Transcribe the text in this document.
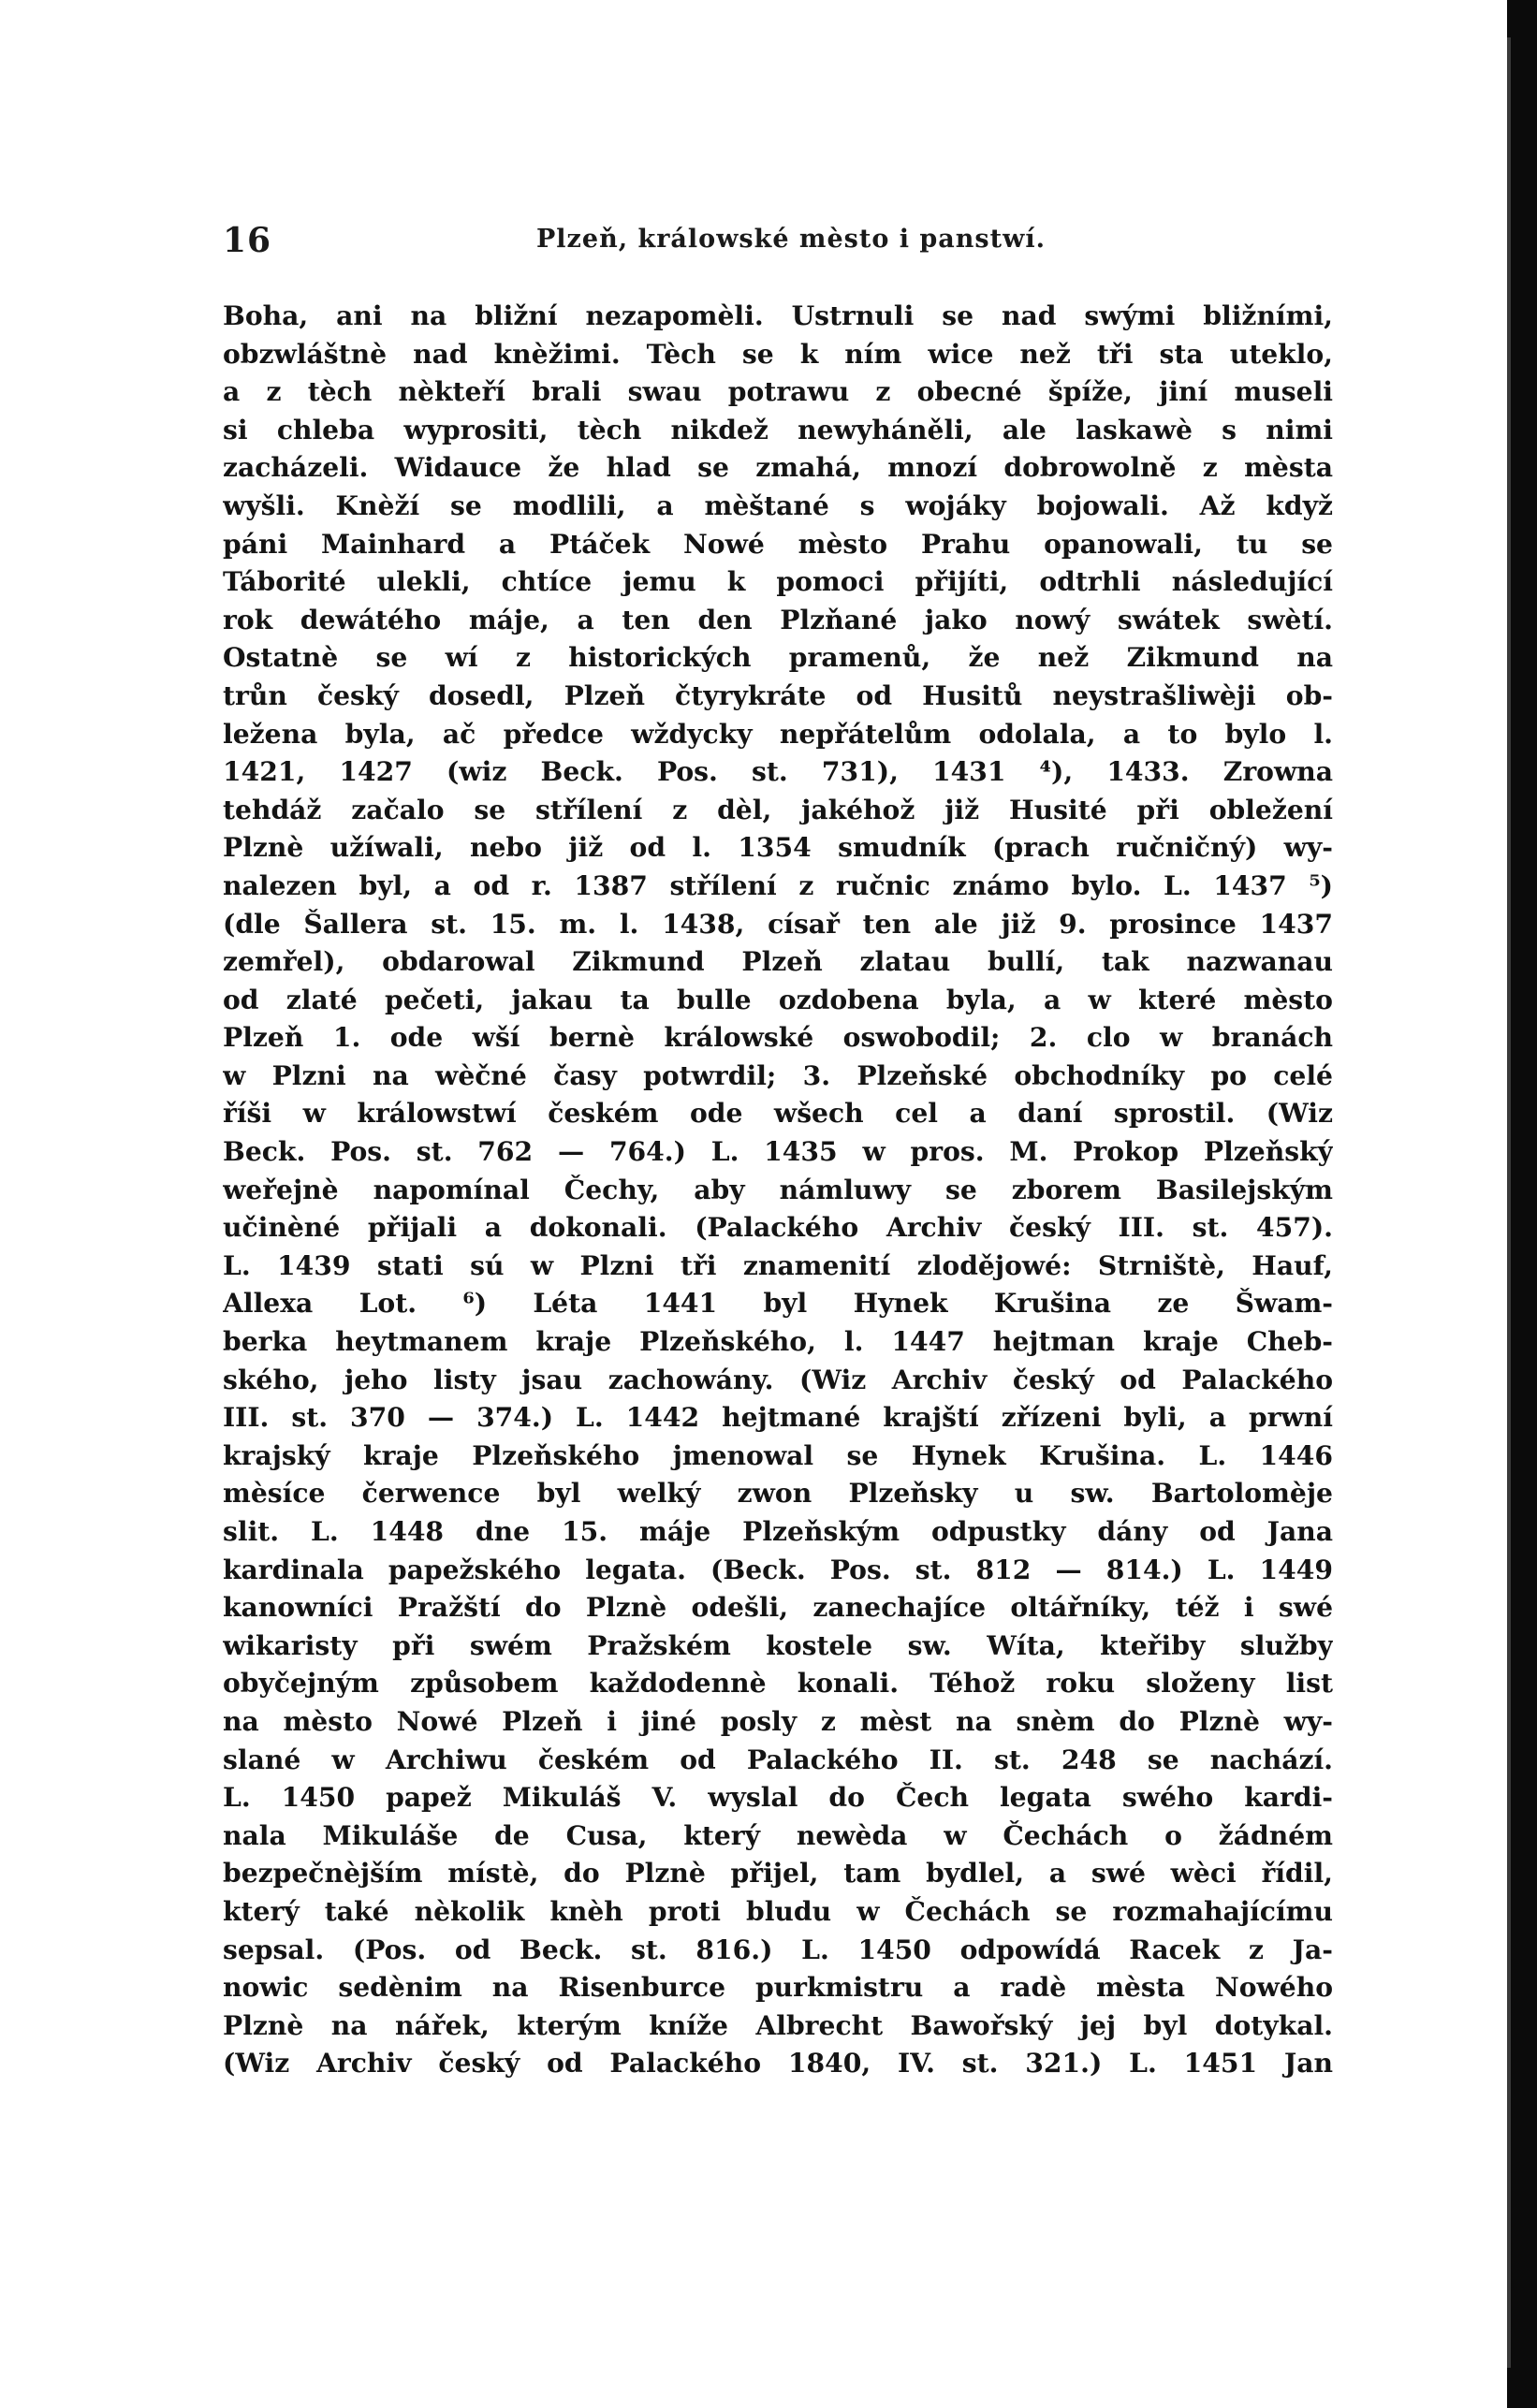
16	Plzeň, králowské mèsto i panstwí.
Boha, ani na bližní nezapomèli. Ustrnuli se nad swými bližními,
obzwláštnè nad knèžimi. Tèch se k ním wice než tři sta uteklo,
a z tèch nèkteří brali swau potrawu z obecné špíže, jiní museli
si chleba wyprositi, tèch nikdež newyháněli, ale laskawè s nimi
zacházeli. Widauce že hlad se zmahá, mnozí dobrowolně z mèsta
wyšli. Knèží se modlili, a mèštané s wojáky bojowali. Až když
páni Mainhard a Ptáček Nowé mèsto Prahu opanowali, tu se
Táborité ulekli, chtíce jemu k pomoci přijíti, odtrhli následující
rok dewátého máje, a ten den Plzňané jako nowý swátek swètí.
Ostatnè se wí z historických pramenů, že než Zikmund na
trůn český dosedl, Plzeň čtyrykráte od Husitů neystrašliwèji ob-
ležena byla, ač předce wždycky nepřátelům odolala, a to bylo l.
1421, 1427 (wiz Beck. Pos. st. 731), 1431 ⁴), 1433. Zrowna
tehdáž začalo se střílení z dèl, jakéhož již Husité při obležení
Plznè užíwali, nebo již od l. 1354 smudník (prach ručničný) wy-
nalezen byl, a od r. 1387 střílení z ručnic známo bylo. L. 1437 ⁵)
(dle Šallera st. 15. m. l. 1438, císař ten ale již 9. prosince 1437
zemřel), obdarowal Zikmund Plzeň zlatau bullí, tak nazwanau
od zlaté pečeti, jakau ta bulle ozdobena byla, a w které mèsto
Plzeň 1. ode wší bernè králowské oswobodil; 2. clo w branách
w Plzni na wèčné časy potwrdil; 3. Plzeňské obchodníky po celé
říši w králowstwí českém ode wšech cel a daní sprostil. (Wiz
Beck. Pos. st. 762 — 764.) L. 1435 w pros. M. Prokop Plzeňský
weřejnè napomínal Čechy, aby námluwy se zborem Basilejským
učinèné přijali a dokonali. (Palackého Archiv český III. st. 457).
L. 1439 stati sú w Plzni tři znamenití zlodějowé: Strništè, Hauf,
Allexa Lot. ⁶) Léta 1441 byl Hynek Krušina ze Šwam-
berka heytmanem kraje Plzeňského, l. 1447 hejtman kraje Cheb-
ského, jeho listy jsau zachowány. (Wiz Archiv český od Palackého
III. st. 370 — 374.) L. 1442 hejtmané krajští zřízeni byli, a prwní
krajský kraje Plzeňského jmenowal se Hynek Krušina. L. 1446
mèsíce čerwence byl welký zwon Plzeňsky u sw. Bartolomèje
slit. L. 1448 dne 15. máje Plzeňským odpustky dány od Jana
kardinala papežského legata. (Beck. Pos. st. 812 — 814.) L. 1449
kanowníci Pražští do Plznè odešli, zanechajíce oltářníky, též i swé
wikaristy při swém Pražském kostele sw. Wíta, kteřiby služby
obyčejným způsobem každodennè konali. Téhož roku složeny list
na mèsto Nowé Plzeň i jiné posly z mèst na snèm do Plznè wy-
slané w Archiwu českém od Palackého II. st. 248 se nachází.
L. 1450 papež Mikuláš V. wyslal do Čech legata swého kardi-
nala Mikuláše de Cusa, který newèda w Čechách o žádném
bezpečnèjším místè, do Plznè přijel, tam bydlel, a swé wèci řídil,
který také nèkolik knèh proti bludu w Čechách se rozmahajícímu
sepsal. (Pos. od Beck. st. 816.) L. 1450 odpowídá Racek z Ja-
nowic sedènim na Risenburce purkmistru a radè mèsta Nowého
Plznè na nářek, kterým kníže Albrecht Bawořský jej byl dotykal.
(Wiz Archiv český od Palackého 1840, IV. st. 321.) L. 1451 Jan
